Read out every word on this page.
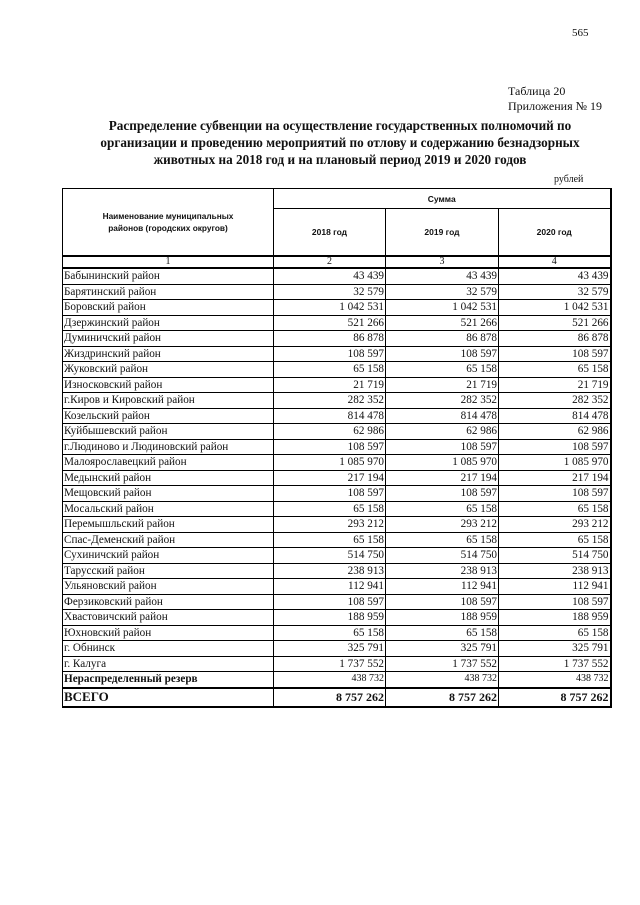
565
Таблица 20
Приложения № 19
Распределение субвенции на осуществление государственных полномочий по
организации и проведению мероприятий по отлову и содержанию безнадзорных
животных на 2018 год и на плановый период 2019 и 2020 годов
рублей
Наименование муниципальных
районов (городских округов)	Сумма		
	2018 год	2019 год	2020 год
1	2	3	4
Бабынинский район	43 439	43 439	43 439
Барятинский район	32 579	32 579	32 579
Боровский район	1 042 531	1 042 531	1 042 531
Дзержинский район	521 266	521 266	521 266
Думиничский район	86 878	86 878	86 878
Жиздринский район	108 597	108 597	108 597
Жуковский район	65 158	65 158	65 158
Износковский район	21 719	21 719	21 719
г.Киров и Кировский район	282 352	282 352	282 352
Козельский район	814 478	814 478	814 478
Куйбышевский район	62 986	62 986	62 986
г.Людиново и Людиновский район	108 597	108 597	108 597
Малоярославецкий район	1 085 970	1 085 970	1 085 970
Медынский район	217 194	217 194	217 194
Мещовский район	108 597	108 597	108 597
Мосальский район	65 158	65 158	65 158
Перемышльский район	293 212	293 212	293 212
Спас-Деменский район	65 158	65 158	65 158
Сухиничский район	514 750	514 750	514 750
Тарусский район	238 913	238 913	238 913
Ульяновский район	112 941	112 941	112 941
Ферзиковский район	108 597	108 597	108 597
Хвастовичский район	188 959	188 959	188 959
Юхновский район	65 158	65 158	65 158
г. Обнинск	325 791	325 791	325 791
г. Калуга	1 737 552	1 737 552	1 737 552
Нераспределенный резерв	438 732	438 732	438 732
ВСЕГО	8 757 262	8 757 262	8 757 262
